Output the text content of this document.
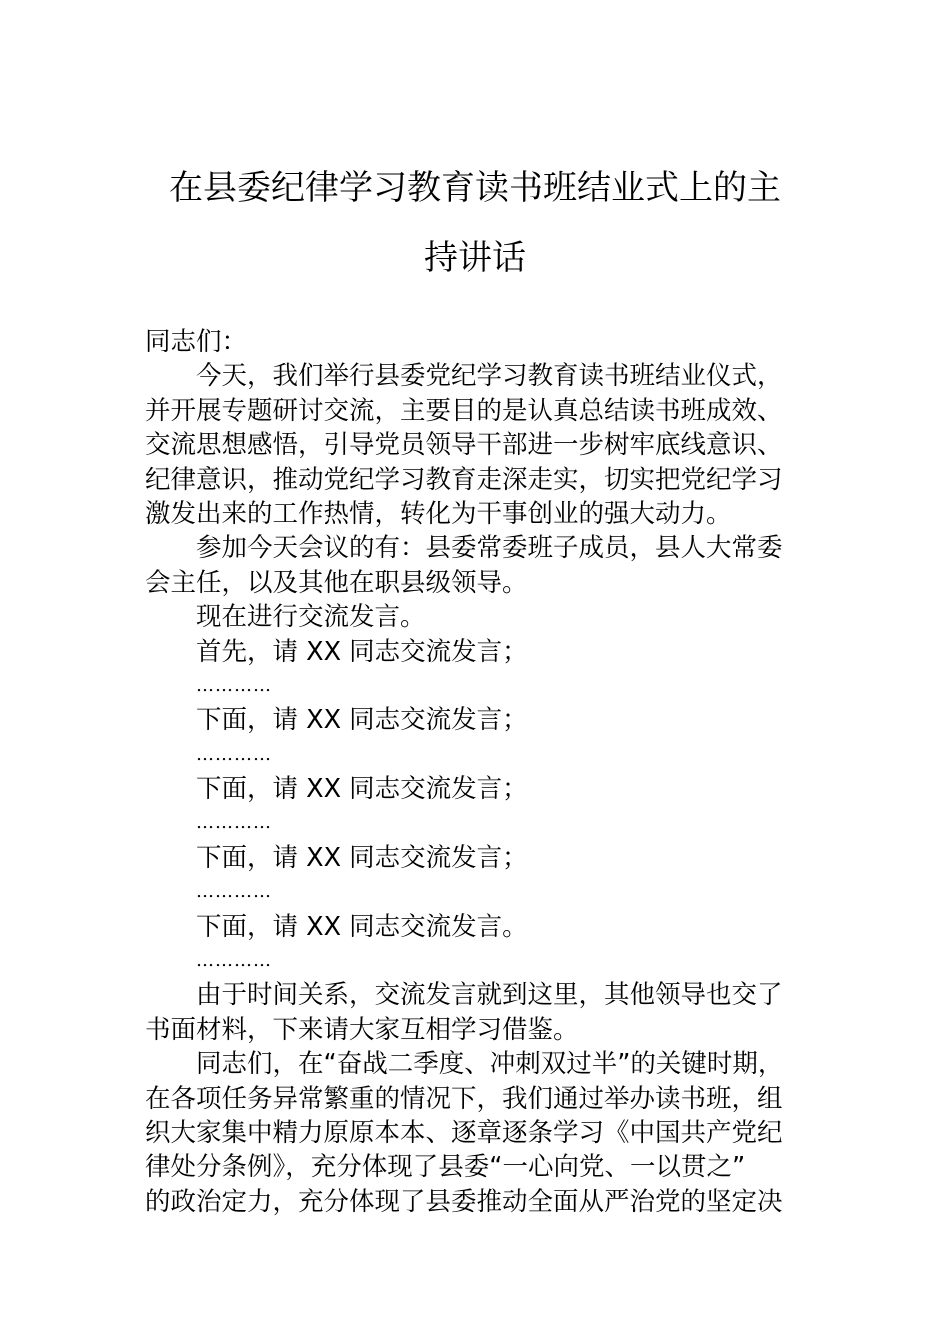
在县委纪律学习教育读书班结业式上的主
持讲话
同志们：
今天，我们举行县委党纪学习教育读书班结业仪式，
并开展专题研讨交流，主要目的是认真总结读书班成效、
交流思想感悟，引导党员领导干部进一步树牢底线意识、
纪律意识，推动党纪学习教育走深走实，切实把党纪学习
激发出来的工作热情，转化为干事创业的强大动力。
参加今天会议的有：县委常委班子成员，县人大常委
会主任，以及其他在职县级领导。
现在进行交流发言。
首先，请 XX 同志交流发言；
…………
下面，请 XX 同志交流发言；
…………
下面，请 XX 同志交流发言；
…………
下面，请 XX 同志交流发言；
…………
下面，请 XX 同志交流发言。
…………
由于时间关系，交流发言就到这里，其他领导也交了
书面材料，下来请大家互相学习借鉴。
同志们，在“奋战二季度、冲刺双过半”的关键时期，
在各项任务异常繁重的情况下，我们通过举办读书班，组
织大家集中精力原原本本、逐章逐条学习《中国共产党纪
律处分条例》，充分体现了县委“一心向党、一以贯之”
的政治定力，充分体现了县委推动全面从严治党的坚定决
